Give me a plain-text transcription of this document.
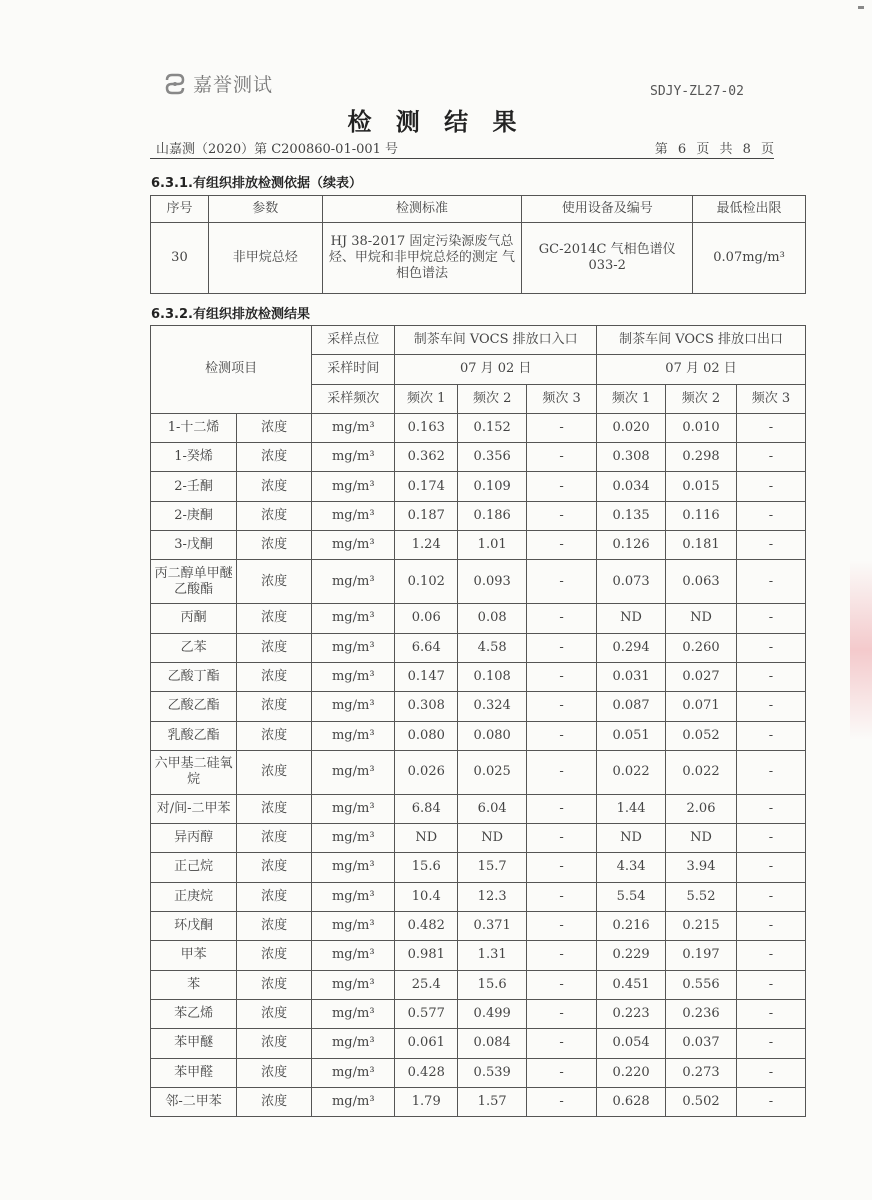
嘉誉测试	SDJY-ZL27-02
检 测 结 果
山嘉测（2020）第 C200860-01-001 号	第 6 页 共 8 页
6.3.1.有组织排放检测依据（续表）
序号	参数	检测标准	使用设备及编号	最低检出限
30	非甲烷总烃	HJ 38-2017 固定污染源废气总烃、甲烷和非甲烷总烃的测定 气相色谱法	GC-2014C 气相色谱仪 033-2	0.07mg/m³
6.3.2.有组织排放检测结果
检测项目		采样点位	制茶车间 VOCS 排放口入口			制茶车间 VOCS 排放口出口		
		采样时间	07 月 02 日			07 月 02 日		
		采样频次	频次 1	频次 2	频次 3	频次 1	频次 2	频次 3
1-十二烯	浓度	mg/m³	0.163	0.152	-	0.020	0.010	-
1-癸烯	浓度	mg/m³	0.362	0.356	-	0.308	0.298	-
2-壬酮	浓度	mg/m³	0.174	0.109	-	0.034	0.015	-
2-庚酮	浓度	mg/m³	0.187	0.186	-	0.135	0.116	-
3-戊酮	浓度	mg/m³	1.24	1.01	-	0.126	0.181	-
丙二醇单甲醚乙酸酯	浓度	mg/m³	0.102	0.093	-	0.073	0.063	-
丙酮	浓度	mg/m³	0.06	0.08	-	ND	ND	-
乙苯	浓度	mg/m³	6.64	4.58	-	0.294	0.260	-
乙酸丁酯	浓度	mg/m³	0.147	0.108	-	0.031	0.027	-
乙酸乙酯	浓度	mg/m³	0.308	0.324	-	0.087	0.071	-
乳酸乙酯	浓度	mg/m³	0.080	0.080	-	0.051	0.052	-
六甲基二硅氧烷	浓度	mg/m³	0.026	0.025	-	0.022	0.022	-
对/间-二甲苯	浓度	mg/m³	6.84	6.04	-	1.44	2.06	-
异丙醇	浓度	mg/m³	ND	ND	-	ND	ND	-
正己烷	浓度	mg/m³	15.6	15.7	-	4.34	3.94	-
正庚烷	浓度	mg/m³	10.4	12.3	-	5.54	5.52	-
环戊酮	浓度	mg/m³	0.482	0.371	-	0.216	0.215	-
甲苯	浓度	mg/m³	0.981	1.31	-	0.229	0.197	-
苯	浓度	mg/m³	25.4	15.6	-	0.451	0.556	-
苯乙烯	浓度	mg/m³	0.577	0.499	-	0.223	0.236	-
苯甲醚	浓度	mg/m³	0.061	0.084	-	0.054	0.037	-
苯甲醛	浓度	mg/m³	0.428	0.539	-	0.220	0.273	-
邻-二甲苯	浓度	mg/m³	1.79	1.57	-	0.628	0.502	-
